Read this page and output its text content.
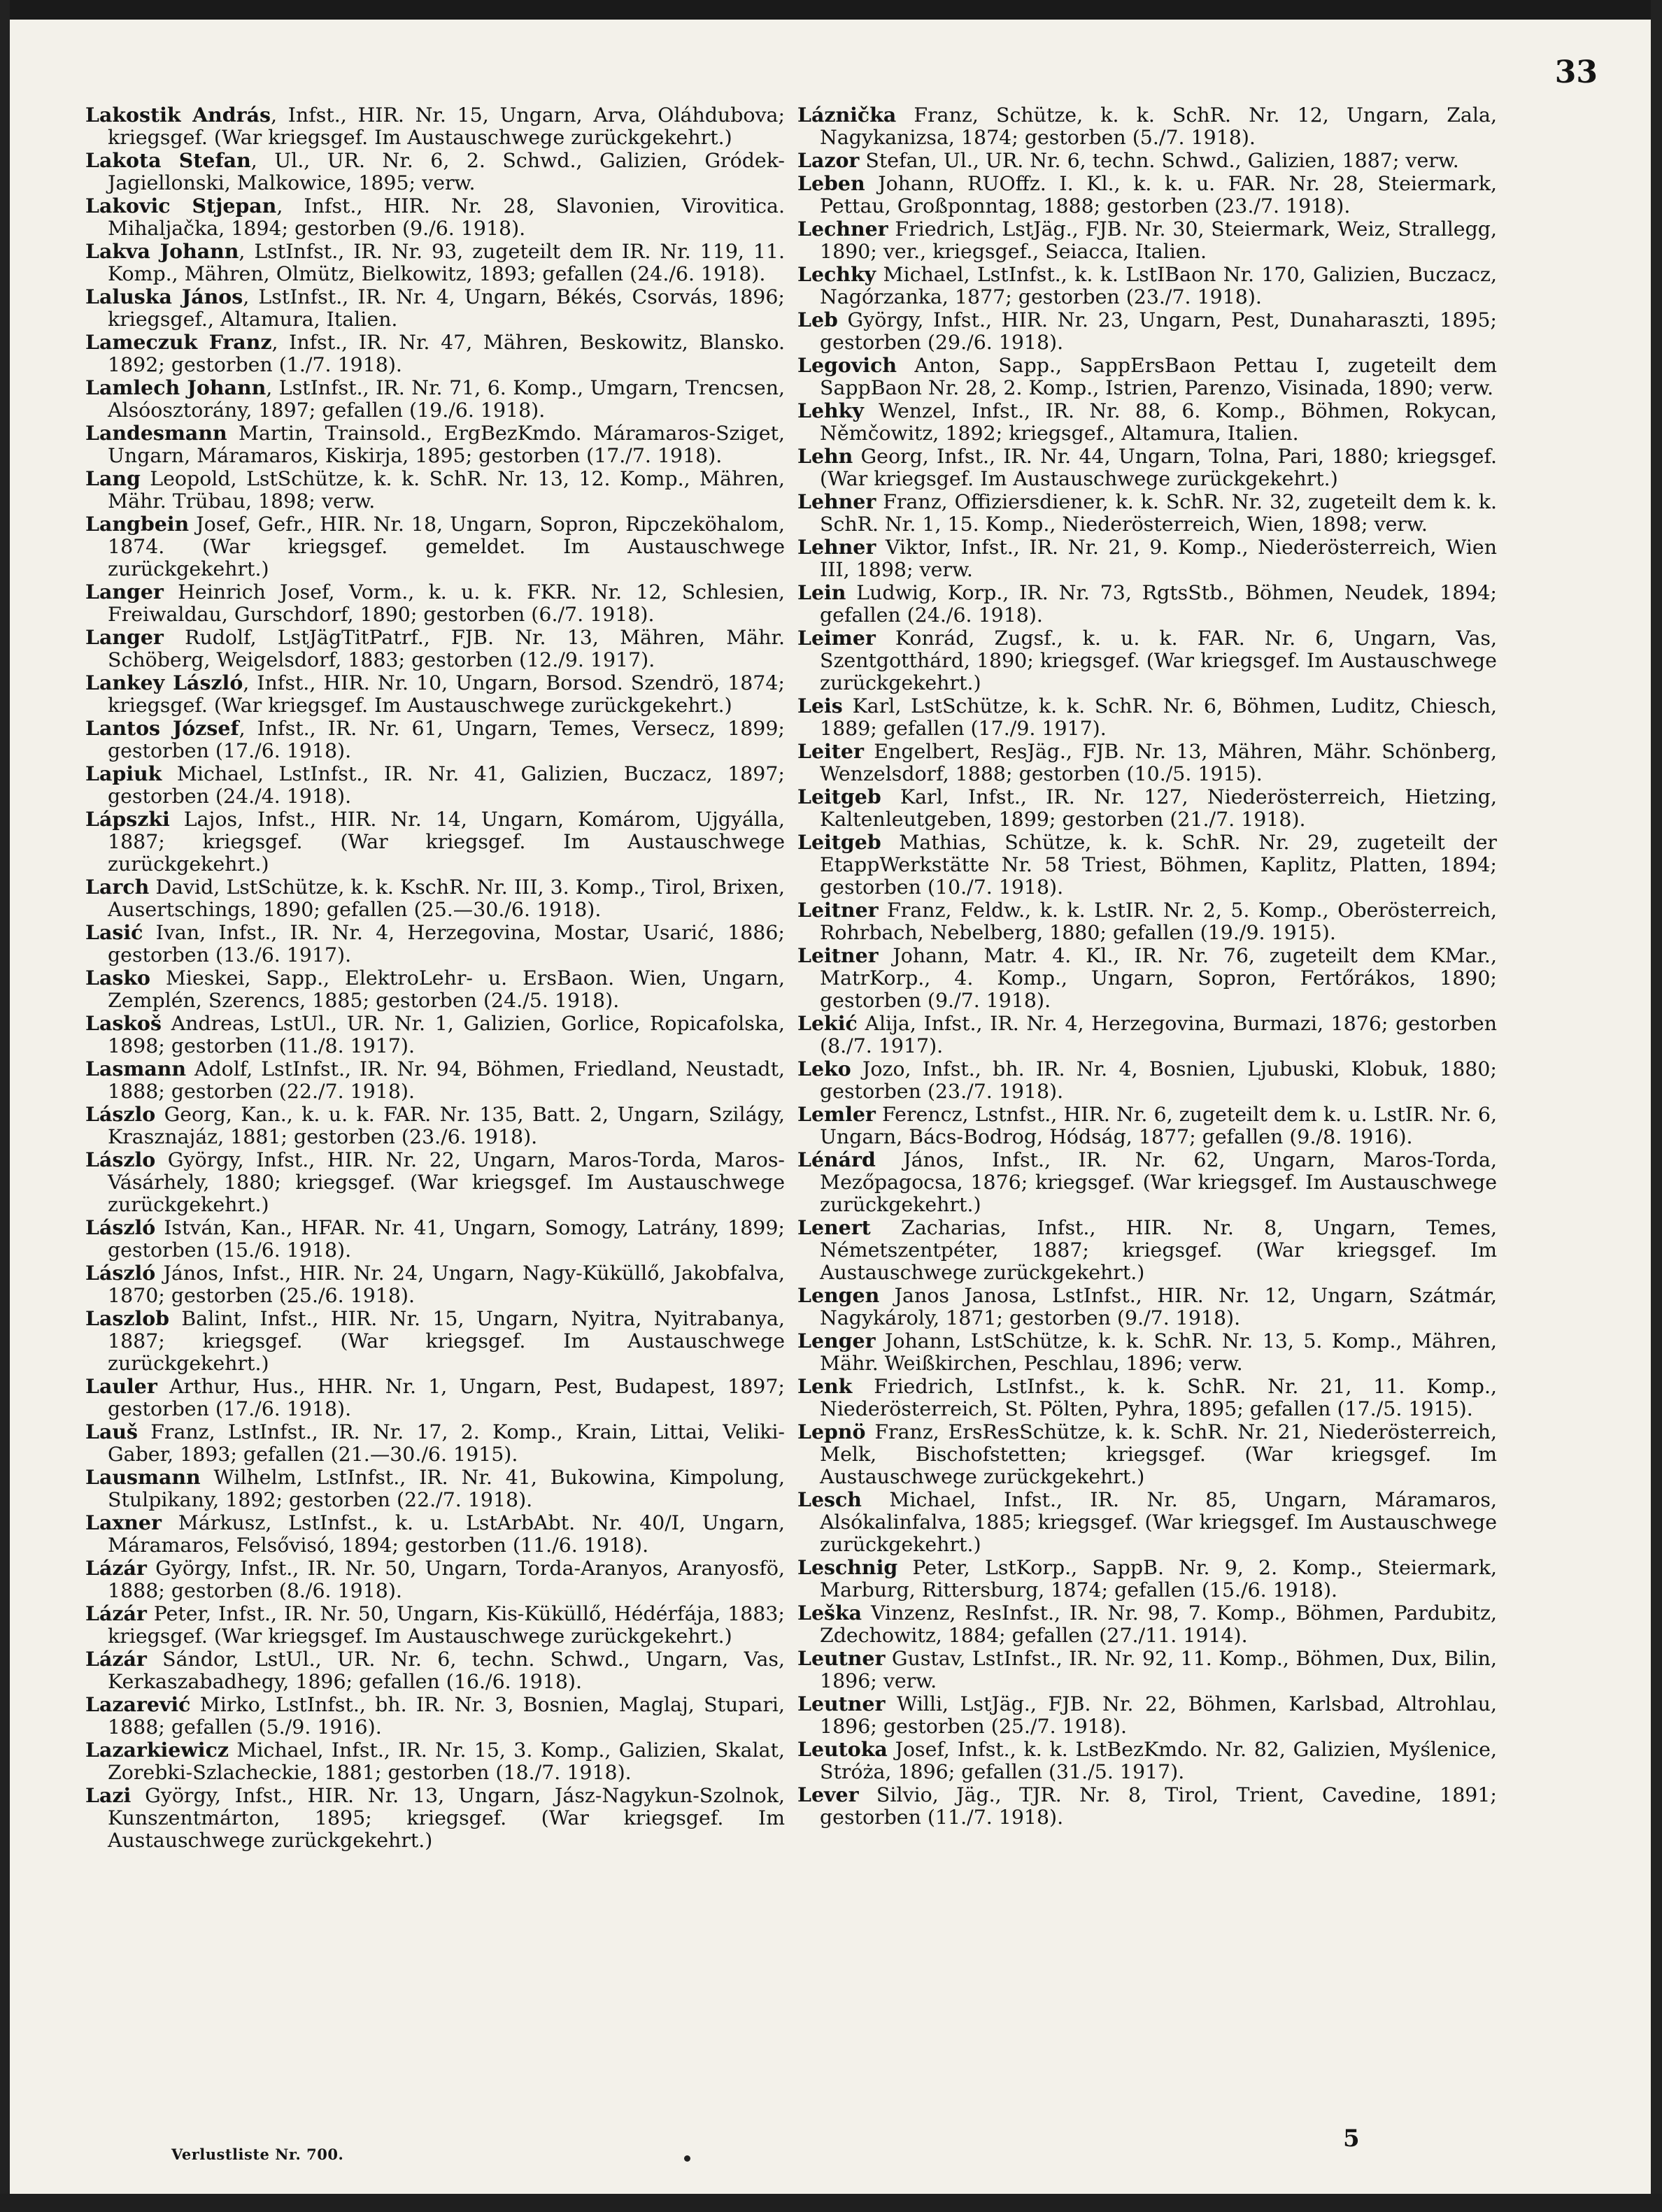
33

Lakostik András, Infst., HIR. Nr. 15, Ungarn, Arva, Oláhdubova; kriegsgef. (War kriegsgef. Im Austauschwege zurückgekehrt.)

Lakota Stefan, Ul., UR. Nr. 6, 2. Schwd., Galizien, Gródek-Jagiellonski, Malkowice, 1895; verw.

Lakovic Stjepan, Infst., HIR. Nr. 28, Slavonien, Virovitica. Mihaljačka, 1894; gestorben (9./6. 1918).

Lakva Johann, LstInfst., IR. Nr. 93, zugeteilt dem IR. Nr. 119, 11. Komp., Mähren, Olmütz, Bielkowitz, 1893; gefallen (24./6. 1918).

Laluska János, LstInfst., IR. Nr. 4, Ungarn, Békés, Csorvás, 1896; kriegsgef., Altamura, Italien.

Lameczuk Franz, Infst., IR. Nr. 47, Mähren, Beskowitz, Blansko. 1892; gestorben (1./7. 1918).

Lamlech Johann, LstInfst., IR. Nr. 71, 6. Komp., Umgarn, Trencsen, Alsóosztorány, 1897; gefallen (19./6. 1918).

Landesmann Martin, Trainsold., ErgBezKmdo. Máramaros-Sziget, Ungarn, Máramaros, Kiskirja, 1895; gestorben (17./7. 1918).

Lang Leopold, LstSchütze, k. k. SchR. Nr. 13, 12. Komp., Mähren, Mähr. Trübau, 1898; verw.

Langbein Josef, Gefr., HIR. Nr. 18, Ungarn, Sopron, Ripczeköhalom, 1874. (War kriegsgef. gemeldet. Im Austauschwege zurückgekehrt.)

Langer Heinrich Josef, Vorm., k. u. k. FKR. Nr. 12, Schlesien, Freiwaldau, Gurschdorf, 1890; gestorben (6./7. 1918).

Langer Rudolf, LstJägTitPatrf., FJB. Nr. 13, Mähren, Mähr. Schöberg, Weigelsdorf, 1883; gestorben (12./9. 1917).

Lankey László, Infst., HIR. Nr. 10, Ungarn, Borsod. Szendrö, 1874; kriegsgef. (War kriegsgef. Im Austauschwege zurückgekehrt.)

Lantos József, Infst., IR. Nr. 61, Ungarn, Temes, Versecz, 1899; gestorben (17./6. 1918).

Lapiuk Michael, LstInfst., IR. Nr. 41, Galizien, Buczacz, 1897; gestorben (24./4. 1918).

Lápszki Lajos, Infst., HIR. Nr. 14, Ungarn, Komárom, Ujgyálla, 1887; kriegsgef. (War kriegsgef. Im Austauschwege zurückgekehrt.)

Larch David, LstSchütze, k. k. KschR. Nr. III, 3. Komp., Tirol, Brixen, Ausertschings, 1890; gefallen (25.—30./6. 1918).

Lasić Ivan, Infst., IR. Nr. 4, Herzegovina, Mostar, Usarić, 1886; gestorben (13./6. 1917).

Lasko Mieskei, Sapp., ElektroLehr- u. ErsBaon. Wien, Ungarn, Zemplén, Szerencs, 1885; gestorben (24./5. 1918).

Laskoš Andreas, LstUl., UR. Nr. 1, Galizien, Gorlice, Ropicafolska, 1898; gestorben (11./8. 1917).

Lasmann Adolf, LstInfst., IR. Nr. 94, Böhmen, Friedland, Neustadt, 1888; gestorben (22./7. 1918).

Lászlo Georg, Kan., k. u. k. FAR. Nr. 135, Batt. 2, Ungarn, Szilágy, Krasznajáz, 1881; gestorben (23./6. 1918).

Lászlo György, Infst., HIR. Nr. 22, Ungarn, Maros-Torda, Maros-Vásárhely, 1880; kriegsgef. (War kriegsgef. Im Austauschwege zurückgekehrt.)

László István, Kan., HFAR. Nr. 41, Ungarn, Somogy, Latrány, 1899; gestorben (15./6. 1918).

László János, Infst., HIR. Nr. 24, Ungarn, Nagy-Küküllő, Jakobfalva, 1870; gestorben (25./6. 1918).

Laszlob Balint, Infst., HIR. Nr. 15, Ungarn, Nyitra, Nyitrabanya, 1887; kriegsgef. (War kriegsgef. Im Austauschwege zurückgekehrt.)

Lauler Arthur, Hus., HHR. Nr. 1, Ungarn, Pest, Budapest, 1897; gestorben (17./6. 1918).

Lauš Franz, LstInfst., IR. Nr. 17, 2. Komp., Krain, Littai, Veliki-Gaber, 1893; gefallen (21.—30./6. 1915).

Lausmann Wilhelm, LstInfst., IR. Nr. 41, Bukowina, Kimpolung, Stulpikany, 1892; gestorben (22./7. 1918).

Laxner Márkusz, LstInfst., k. u. LstArbAbt. Nr. 40/I, Ungarn, Máramaros, Felsővisó, 1894; gestorben (11./6. 1918).

Lázár György, Infst., IR. Nr. 50, Ungarn, Torda-Aranyos, Aranyosfö, 1888; gestorben (8./6. 1918).

Lázár Peter, Infst., IR. Nr. 50, Ungarn, Kis-Küküllő, Hédérfája, 1883; kriegsgef. (War kriegsgef. Im Austauschwege zurückgekehrt.)

Lázár Sándor, LstUl., UR. Nr. 6, techn. Schwd., Ungarn, Vas, Kerkaszabadhegy, 1896; gefallen (16./6. 1918).

Lazarević Mirko, LstInfst., bh. IR. Nr. 3, Bosnien, Maglaj, Stupari, 1888; gefallen (5./9. 1916).

Lazarkiewicz Michael, Infst., IR. Nr. 15, 3. Komp., Galizien, Skalat, Zorebki-Szlacheckie, 1881; gestorben (18./7. 1918).

Lazi György, Infst., HIR. Nr. 13, Ungarn, Jász-Nagykun-Szolnok, Kunszentmárton, 1895; kriegsgef. (War kriegsgef. Im Austauschwege zurückgekehrt.)

Láznička Franz, Schütze, k. k. SchR. Nr. 12, Ungarn, Zala, Nagykanizsa, 1874; gestorben (5./7. 1918).

Lazor Stefan, Ul., UR. Nr. 6, techn. Schwd., Galizien, 1887; verw.

Leben Johann, RUOffz. I. Kl., k. k. u. FAR. Nr. 28, Steiermark, Pettau, Großponntag, 1888; gestorben (23./7. 1918).

Lechner Friedrich, LstJäg., FJB. Nr. 30, Steiermark, Weiz, Strallegg, 1890; ver., kriegsgef., Seiacca, Italien.

Lechky Michael, LstInfst., k. k. LstIBaon Nr. 170, Galizien, Buczacz, Nagórzanka, 1877; gestorben (23./7. 1918).

Leb György, Infst., HIR. Nr. 23, Ungarn, Pest, Dunaharaszti, 1895; gestorben (29./6. 1918).

Legovich Anton, Sapp., SappErsBaon Pettau I, zugeteilt dem SappBaon Nr. 28, 2. Komp., Istrien, Parenzo, Visinada, 1890; verw.

Lehky Wenzel, Infst., IR. Nr. 88, 6. Komp., Böhmen, Rokycan, Němčowitz, 1892; kriegsgef., Altamura, Italien.

Lehn Georg, Infst., IR. Nr. 44, Ungarn, Tolna, Pari, 1880; kriegsgef. (War kriegsgef. Im Austauschwege zurückgekehrt.)

Lehner Franz, Offiziersdiener, k. k. SchR. Nr. 32, zugeteilt dem k. k. SchR. Nr. 1, 15. Komp., Niederösterreich, Wien, 1898; verw.

Lehner Viktor, Infst., IR. Nr. 21, 9. Komp., Niederösterreich, Wien III, 1898; verw.

Lein Ludwig, Korp., IR. Nr. 73, RgtsStb., Böhmen, Neudek, 1894; gefallen (24./6. 1918).

Leimer Konrád, Zugsf., k. u. k. FAR. Nr. 6, Ungarn, Vas, Szentgotthárd, 1890; kriegsgef. (War kriegsgef. Im Austauschwege zurückgekehrt.)

Leis Karl, LstSchütze, k. k. SchR. Nr. 6, Böhmen, Luditz, Chiesch, 1889; gefallen (17./9. 1917).

Leiter Engelbert, ResJäg., FJB. Nr. 13, Mähren, Mähr. Schönberg, Wenzelsdorf, 1888; gestorben (10./5. 1915).

Leitgeb Karl, Infst., IR. Nr. 127, Niederösterreich, Hietzing, Kaltenleutgeben, 1899; gestorben (21./7. 1918).

Leitgeb Mathias, Schütze, k. k. SchR. Nr. 29, zugeteilt der EtappWerkstätte Nr. 58 Triest, Böhmen, Kaplitz, Platten, 1894; gestorben (10./7. 1918).

Leitner Franz, Feldw., k. k. LstIR. Nr. 2, 5. Komp., Oberösterreich, Rohrbach, Nebelberg, 1880; gefallen (19./9. 1915).

Leitner Johann, Matr. 4. Kl., IR. Nr. 76, zugeteilt dem KMar., MatrKorp., 4. Komp., Ungarn, Sopron, Fertőrákos, 1890; gestorben (9./7. 1918).

Lekić Alija, Infst., IR. Nr. 4, Herzegovina, Burmazi, 1876; gestorben (8./7. 1917).

Leko Jozo, Infst., bh. IR. Nr. 4, Bosnien, Ljubuski, Klobuk, 1880; gestorben (23./7. 1918).

Lemler Ferencz, Lstnfst., HIR. Nr. 6, zugeteilt dem k. u. LstIR. Nr. 6, Ungarn, Bács-Bodrog, Hódság, 1877; gefallen (9./8. 1916).

Lénárd János, Infst., IR. Nr. 62, Ungarn, Maros-Torda, Mezőpagocsa, 1876; kriegsgef. (War kriegsgef. Im Austauschwege zurückgekehrt.)

Lenert Zacharias, Infst., HIR. Nr. 8, Ungarn, Temes, Németszentpéter, 1887; kriegsgef. (War kriegsgef. Im Austauschwege zurückgekehrt.)

Lengen Janos Janosa, LstInfst., HIR. Nr. 12, Ungarn, Szátmár, Nagykároly, 1871; gestorben (9./7. 1918).

Lenger Johann, LstSchütze, k. k. SchR. Nr. 13, 5. Komp., Mähren, Mähr. Weißkirchen, Peschlau, 1896; verw.

Lenk Friedrich, LstInfst., k. k. SchR. Nr. 21, 11. Komp., Niederösterreich, St. Pölten, Pyhra, 1895; gefallen (17./5. 1915).

Lepnö Franz, ErsResSchütze, k. k. SchR. Nr. 21, Niederösterreich, Melk, Bischofstetten; kriegsgef. (War kriegsgef. Im Austauschwege zurückgekehrt.)

Lesch Michael, Infst., IR. Nr. 85, Ungarn, Máramaros, Alsókalinfalva, 1885; kriegsgef. (War kriegsgef. Im Austauschwege zurückgekehrt.)

Leschnig Peter, LstKorp., SappB. Nr. 9, 2. Komp., Steiermark, Marburg, Rittersburg, 1874; gefallen (15./6. 1918).

Leška Vinzenz, ResInfst., IR. Nr. 98, 7. Komp., Böhmen, Pardubitz, Zdechowitz, 1884; gefallen (27./11. 1914).

Leutner Gustav, LstInfst., IR. Nr. 92, 11. Komp., Böhmen, Dux, Bilin, 1896; verw.

Leutner Willi, LstJäg., FJB. Nr. 22, Böhmen, Karlsbad, Altrohlau, 1896; gestorben (25./7. 1918).

Leutoka Josef, Infst., k. k. LstBezKmdo. Nr. 82, Galizien, Myślenice, Stróża, 1896; gefallen (31./5. 1917).

Lever Silvio, Jäg., TJR. Nr. 8, Tirol, Trient, Cavedine, 1891; gestorben (11./7. 1918).

Verlustliste Nr. 700.
5
